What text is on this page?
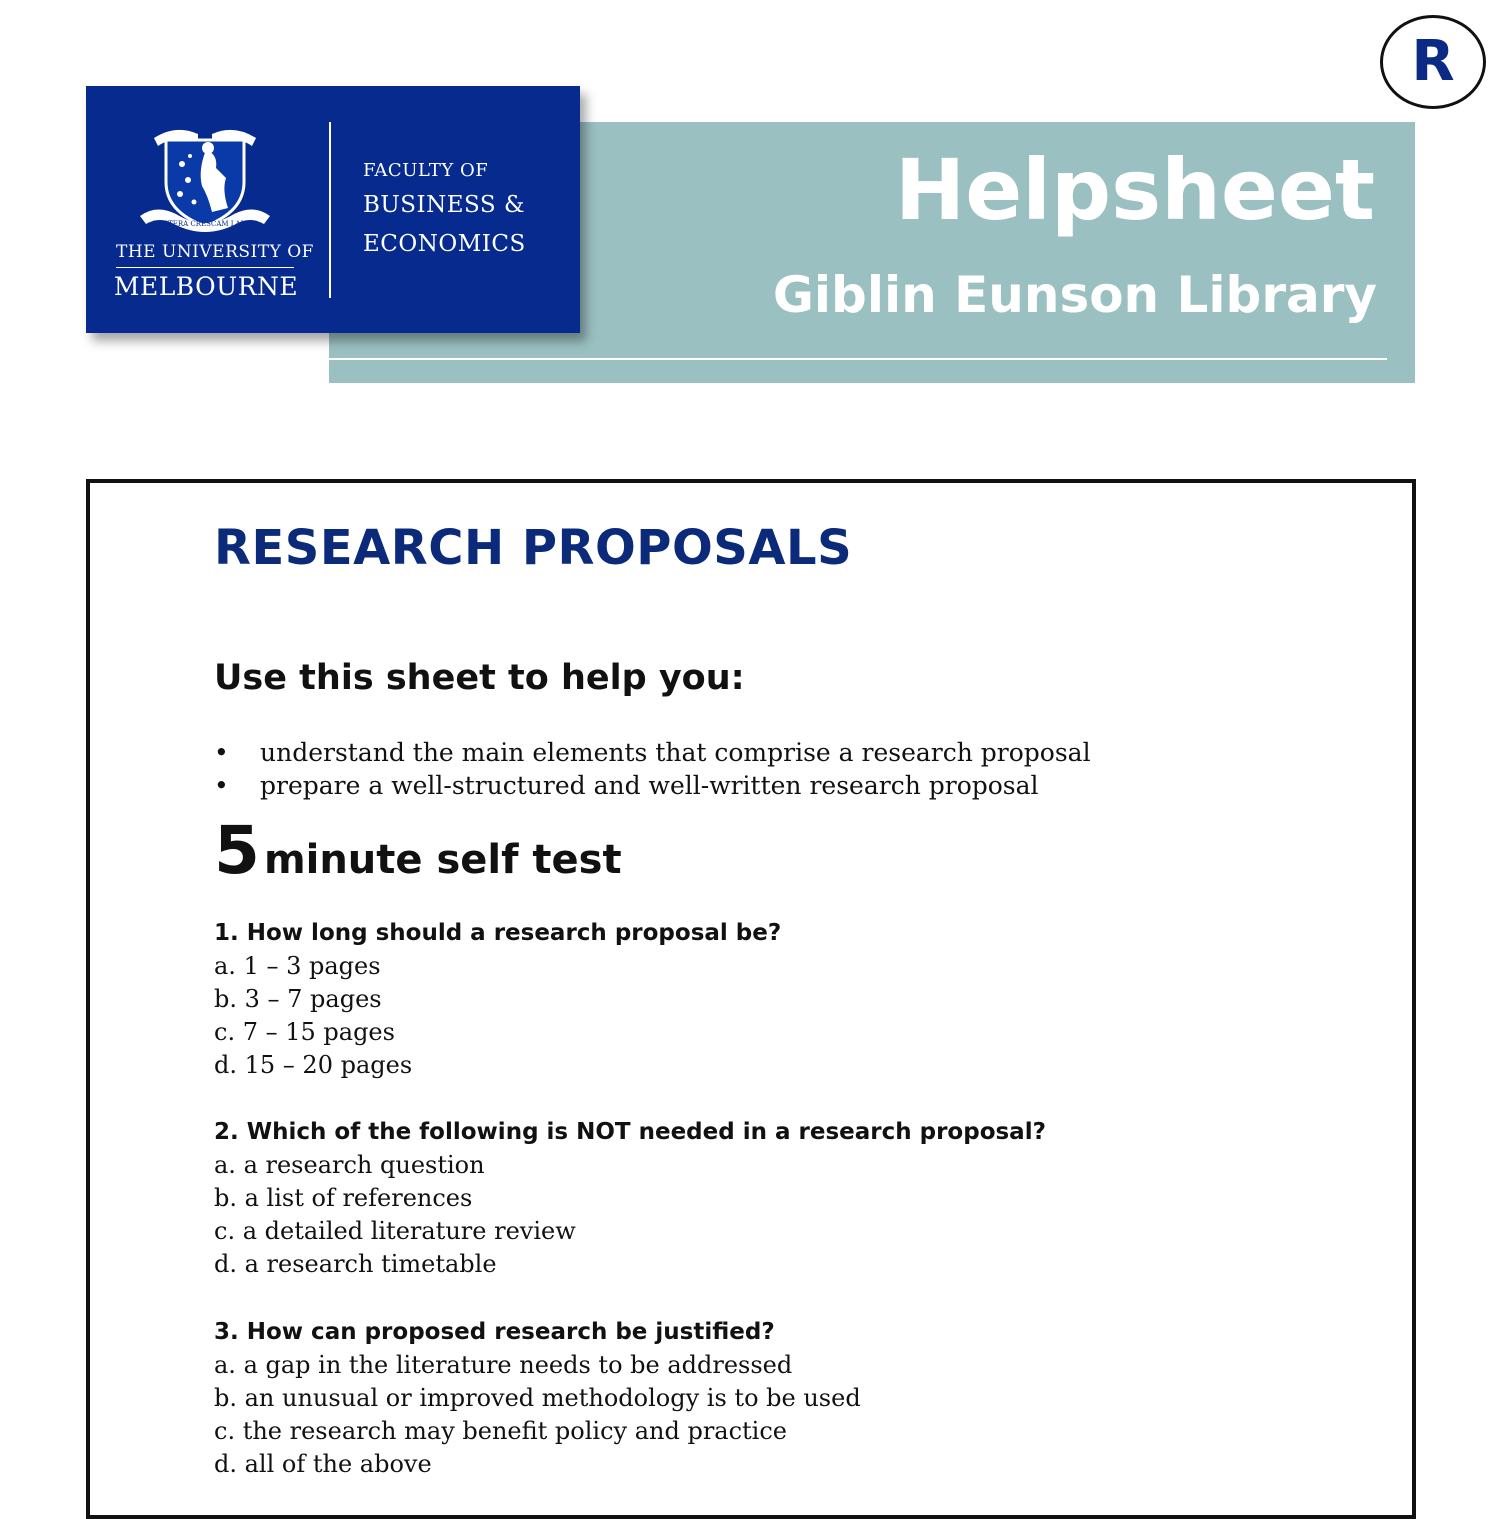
R
Helpsheet
Giblin Eunson Library
POSTERA CRESCAM LAUDE
THE UNIVERSITY OF
MELBOURNE
FACULTY OF
BUSINESS &
ECONOMICS
RESEARCH PROPOSALS
Use this sheet to help you:
• understand the main elements that comprise a research proposal
• prepare a well-structured and well-written research proposal
5 minute self test
1. How long should a research proposal be?
a. 1 – 3 pages
b. 3 – 7 pages
c. 7 – 15 pages
d. 15 – 20 pages
2. Which of the following is NOT needed in a research proposal?
a. a research question
b. a list of references
c. a detailed literature review
d. a research timetable
3. How can proposed research be justified?
a. a gap in the literature needs to be addressed
b. an unusual or improved methodology is to be used
c. the research may benefit policy and practice
d. all of the above
